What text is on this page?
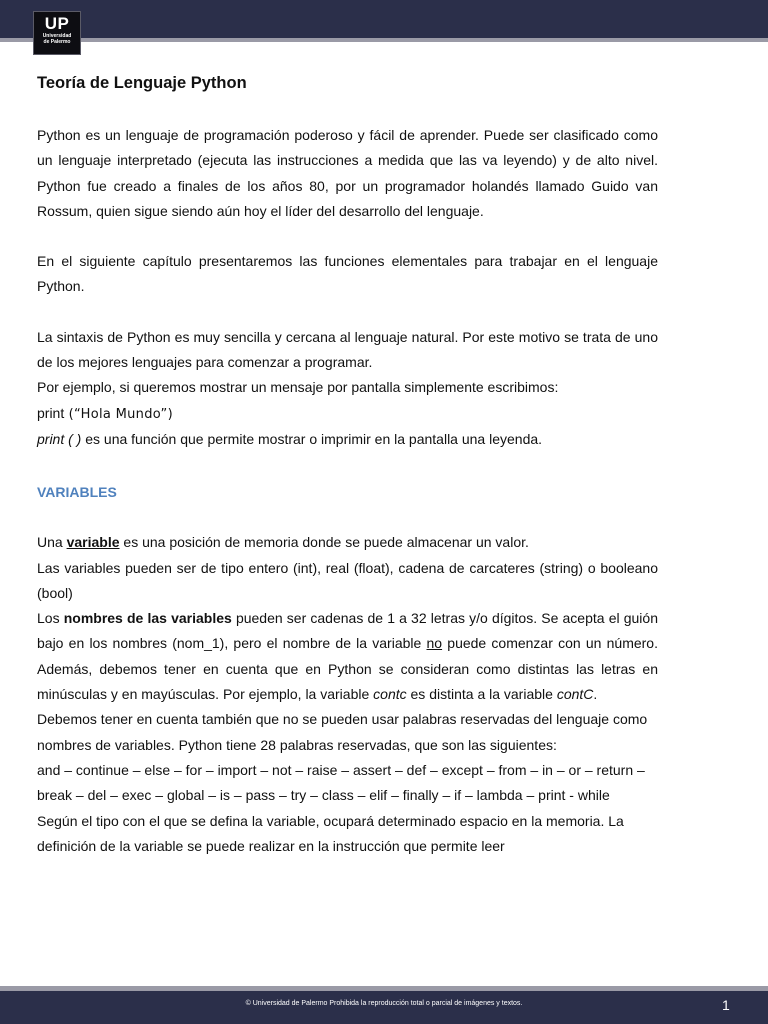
UP
Universidad
de Palermo
Teoría de Lenguaje Python

Python es un lenguaje de programación poderoso y fácil de aprender. Puede ser clasificado como un lenguaje interpretado (ejecuta las instrucciones a medida que las va leyendo) y de alto nivel. Python fue creado a finales de los años 80, por un programador holandés llamado Guido van Rossum, quien sigue siendo aún hoy el líder del desarrollo del lenguaje.

En el siguiente capítulo presentaremos las funciones elementales para trabajar en el lenguaje Python.

La sintaxis de Python es muy sencilla y cercana al lenguaje natural. Por este motivo se trata de uno de los mejores lenguajes para comenzar a programar.

Por ejemplo, si queremos mostrar un mensaje por pantalla simplemente escribimos:

print (“Hola Mundo”)

print ( ) es una función que permite mostrar o imprimir en la pantalla una leyenda.

VARIABLES

Una variable es una posición de memoria donde se puede almacenar un valor.

Las variables pueden ser de tipo entero (int), real (float), cadena de carcateres (string) o booleano (bool)

Los nombres de las variables pueden ser cadenas de 1 a 32 letras y/o dígitos. Se acepta el guión bajo en los nombres (nom_1), pero el nombre de la variable no puede comenzar con un número. Además, debemos tener en cuenta que en Python se consideran como distintas las letras en minúsculas y en mayúsculas. Por ejemplo, la variable contc es distinta a la variable contC.

Debemos tener en cuenta también que no se pueden usar palabras reservadas del lenguaje como nombres de variables. Python tiene 28 palabras reservadas, que son las siguientes:

and – continue – else – for – import – not – raise – assert – def – except – from – in – or – return – break – del – exec – global – is – pass – try – class – elif – finally – if – lambda – print - while

Según el tipo con el que se defina la variable, ocupará determinado espacio en la memoria. La definición de la variable se puede realizar en la instrucción que permite leer

© Universidad de Palermo Prohibida la reproducción total o parcial de imágenes y textos.	1
